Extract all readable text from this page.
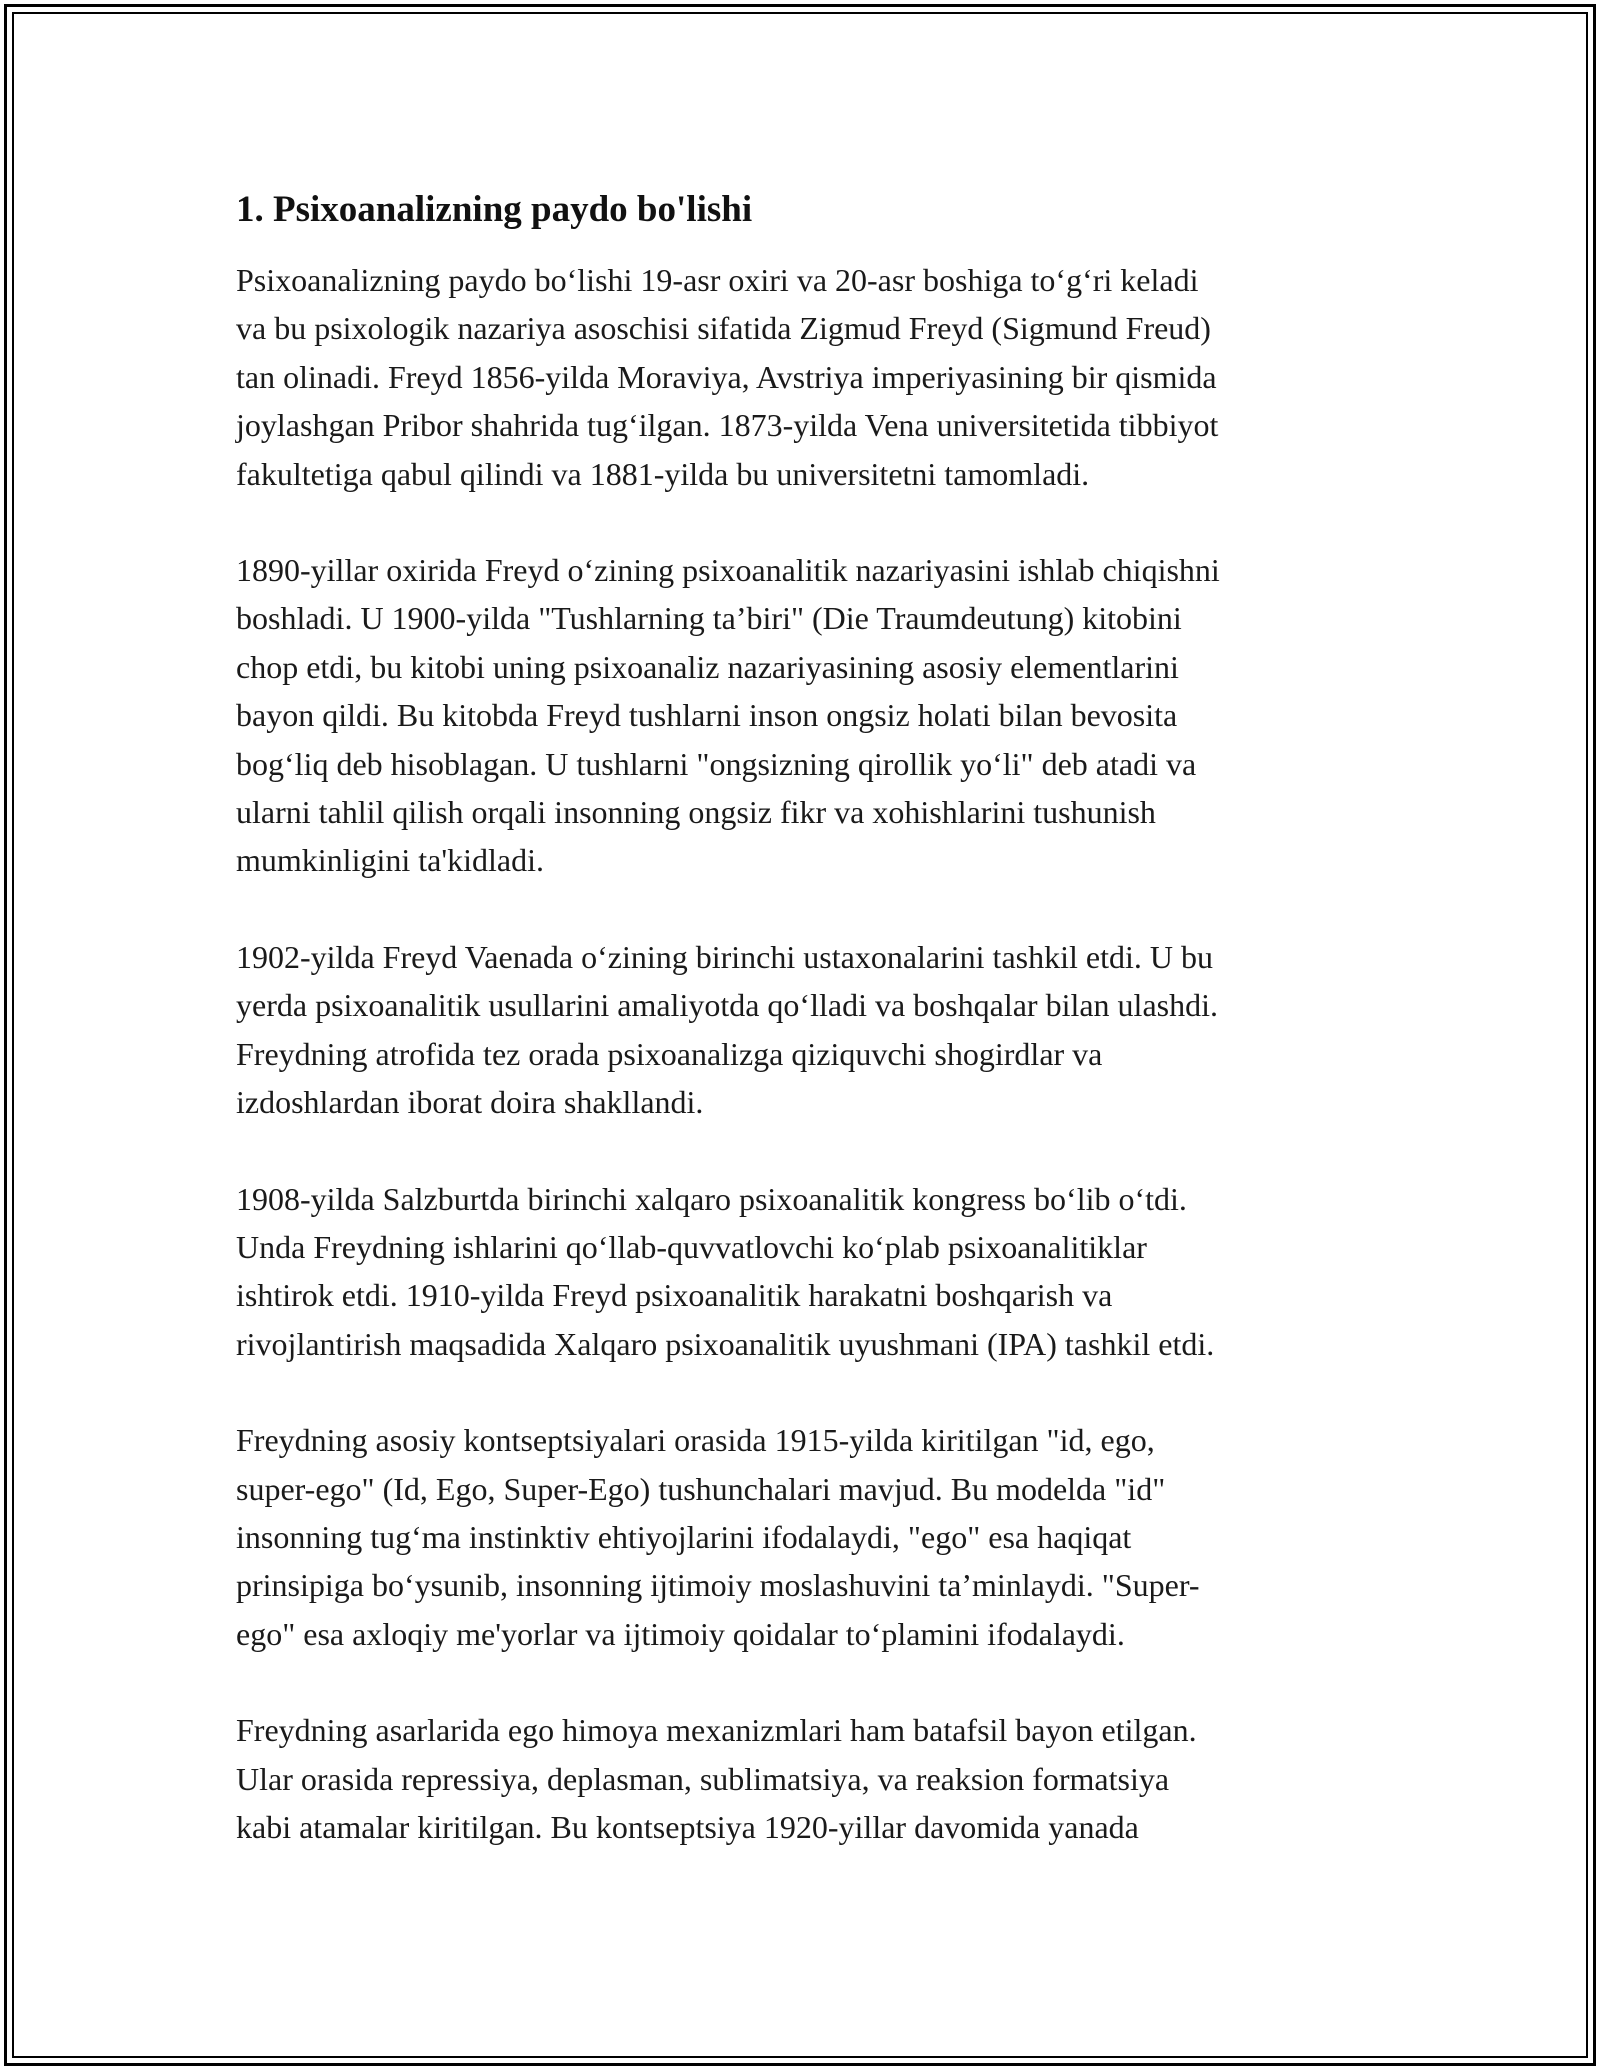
1. Psixoanalizning paydo bo'lishi
Psixoanalizning paydo bo‘lishi 19-asr oxiri va 20-asr boshiga to‘g‘ri keladi
va bu psixologik nazariya asoschisi sifatida Zigmud Freyd (Sigmund Freud)
tan olinadi. Freyd 1856-yilda Moraviya, Avstriya imperiyasining bir qismida
joylashgan Pribor shahrida tug‘ilgan. 1873-yilda Vena universitetida tibbiyot
fakultetiga qabul qilindi va 1881-yilda bu universitetni tamomladi.
1890-yillar oxirida Freyd o‘zining psixoanalitik nazariyasini ishlab chiqishni
boshladi. U 1900-yilda "Tushlarning ta’biri" (Die Traumdeutung) kitobini
chop etdi, bu kitobi uning psixoanaliz nazariyasining asosiy elementlarini
bayon qildi. Bu kitobda Freyd tushlarni inson ongsiz holati bilan bevosita
bog‘liq deb hisoblagan. U tushlarni "ongsizning qirollik yo‘li" deb atadi va
ularni tahlil qilish orqali insonning ongsiz fikr va xohishlarini tushunish
mumkinligini ta'kidladi.
1902-yilda Freyd Vaenada o‘zining birinchi ustaxonalarini tashkil etdi. U bu
yerda psixoanalitik usullarini amaliyotda qo‘lladi va boshqalar bilan ulashdi.
Freydning atrofida tez orada psixoanalizga qiziquvchi shogirdlar va
izdoshlardan iborat doira shakllandi.
1908-yilda Salzburtda birinchi xalqaro psixoanalitik kongress bo‘lib o‘tdi.
Unda Freydning ishlarini qo‘llab-quvvatlovchi ko‘plab psixoanalitiklar
ishtirok etdi. 1910-yilda Freyd psixoanalitik harakatni boshqarish va
rivojlantirish maqsadida Xalqaro psixoanalitik uyushmani (IPA) tashkil etdi.
Freydning asosiy kontseptsiyalari orasida 1915-yilda kiritilgan "id, ego,
super-ego" (Id, Ego, Super-Ego) tushunchalari mavjud. Bu modelda "id"
insonning tug‘ma instinktiv ehtiyojlarini ifodalaydi, "ego" esa haqiqat
prinsipiga bo‘ysunib, insonning ijtimoiy moslashuvini ta’minlaydi. "Super-
ego" esa axloqiy me'yorlar va ijtimoiy qoidalar to‘plamini ifodalaydi.
Freydning asarlarida ego himoya mexanizmlari ham batafsil bayon etilgan.
Ular orasida repressiya, deplasman, sublimatsiya, va reaksion formatsiya
kabi atamalar kiritilgan. Bu kontseptsiya 1920-yillar davomida yanada
